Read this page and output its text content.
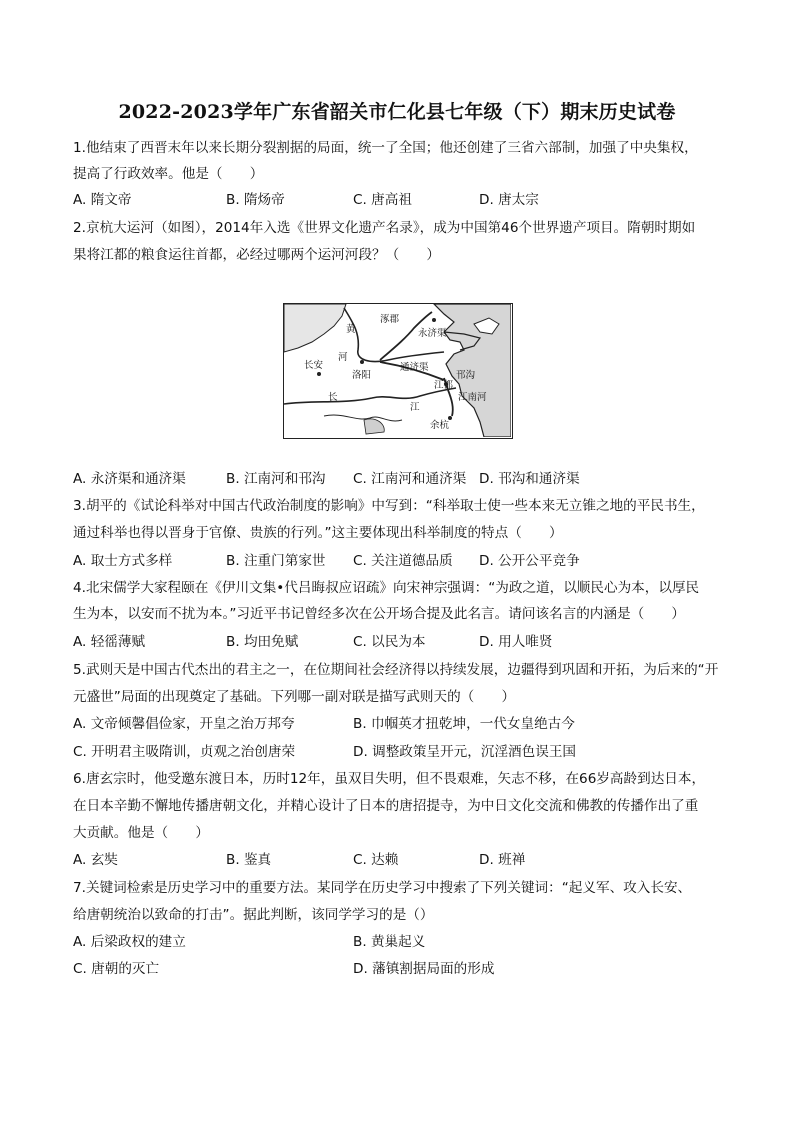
2022-2023学年广东省韶关市仁化县七年级（下）期末历史试卷
1.他结束了西晋末年以来长期分裂割据的局面，统一了全国；他还创建了三省六部制，加强了中央集权，
提高了行政效率。他是（　　）
A. 隋文帝	B. 隋炀帝	C. 唐高祖	D. 唐太宗
2.京杭大运河（如图），2014年入选《世界文化遗产名录》，成为中国第46个世界遗产项目。隋朝时期如
果将江都的粮食运往首都，必经过哪两个运河河段？（　　）
黄
涿郡
永济渠
长安
河
洛阳
通济渠
江都
邗沟
长
江
江南河
余杭
A. 永济渠和通济渠	B. 江南河和邗沟 C. 江南河和通济渠 D. 邗沟和通济渠
3.胡平的《试论科举对中国古代政治制度的影响》中写到：“科举取士使一些本来无立锥之地的平民书生，
通过科举也得以晋身于官僚、贵族的行列。”这主要体现出科举制度的特点（　　）
A. 取士方式多样	B. 注重门第家世 C. 关注道德品质 D. 公开公平竞争
4.北宋儒学大家程颐在《伊川文集•代吕晦叔应诏疏》向宋神宗强调：“为政之道，以顺民心为本，以厚民
生为本，以安而不扰为本。”习近平书记曾经多次在公开场合提及此名言。请问该名言的内涵是（　　）
A. 轻徭薄赋	B. 均田免赋	C. 以民为本	D. 用人唯贤
5.武则天是中国古代杰出的君主之一，在位期间社会经济得以持续发展，边疆得到巩固和开拓，为后来的“开
元盛世”局面的出现奠定了基础。下列哪一副对联是描写武则天的（　　）
A. 文帝倾馨倡俭家，开皇之治万邦夸	B. 巾帼英才扭乾坤，一代女皇绝古今
C. 开明君主吸隋训，贞观之治创唐荣	D. 调整政策呈开元，沉淫酒色误王国
6.唐玄宗时，他受邀东渡日本，历时12年，虽双目失明，但不畏艰难，矢志不移，在66岁高龄到达日本，
在日本辛勤不懈地传播唐朝文化，并精心设计了日本的唐招提寺，为中日文化交流和佛教的传播作出了重
大贡献。他是（　　）
A. 玄奘	B. 鉴真	C. 达赖	D. 班禅
7.关键词检索是历史学习中的重要方法。某同学在历史学习中搜索了下列关键词：“起义军、攻入长安、
给唐朝统治以致命的打击”。据此判断，该同学学习的是（）
A. 后梁政权的建立	B. 黄巢起义
C. 唐朝的灭亡	D. 藩镇割据局面的形成
